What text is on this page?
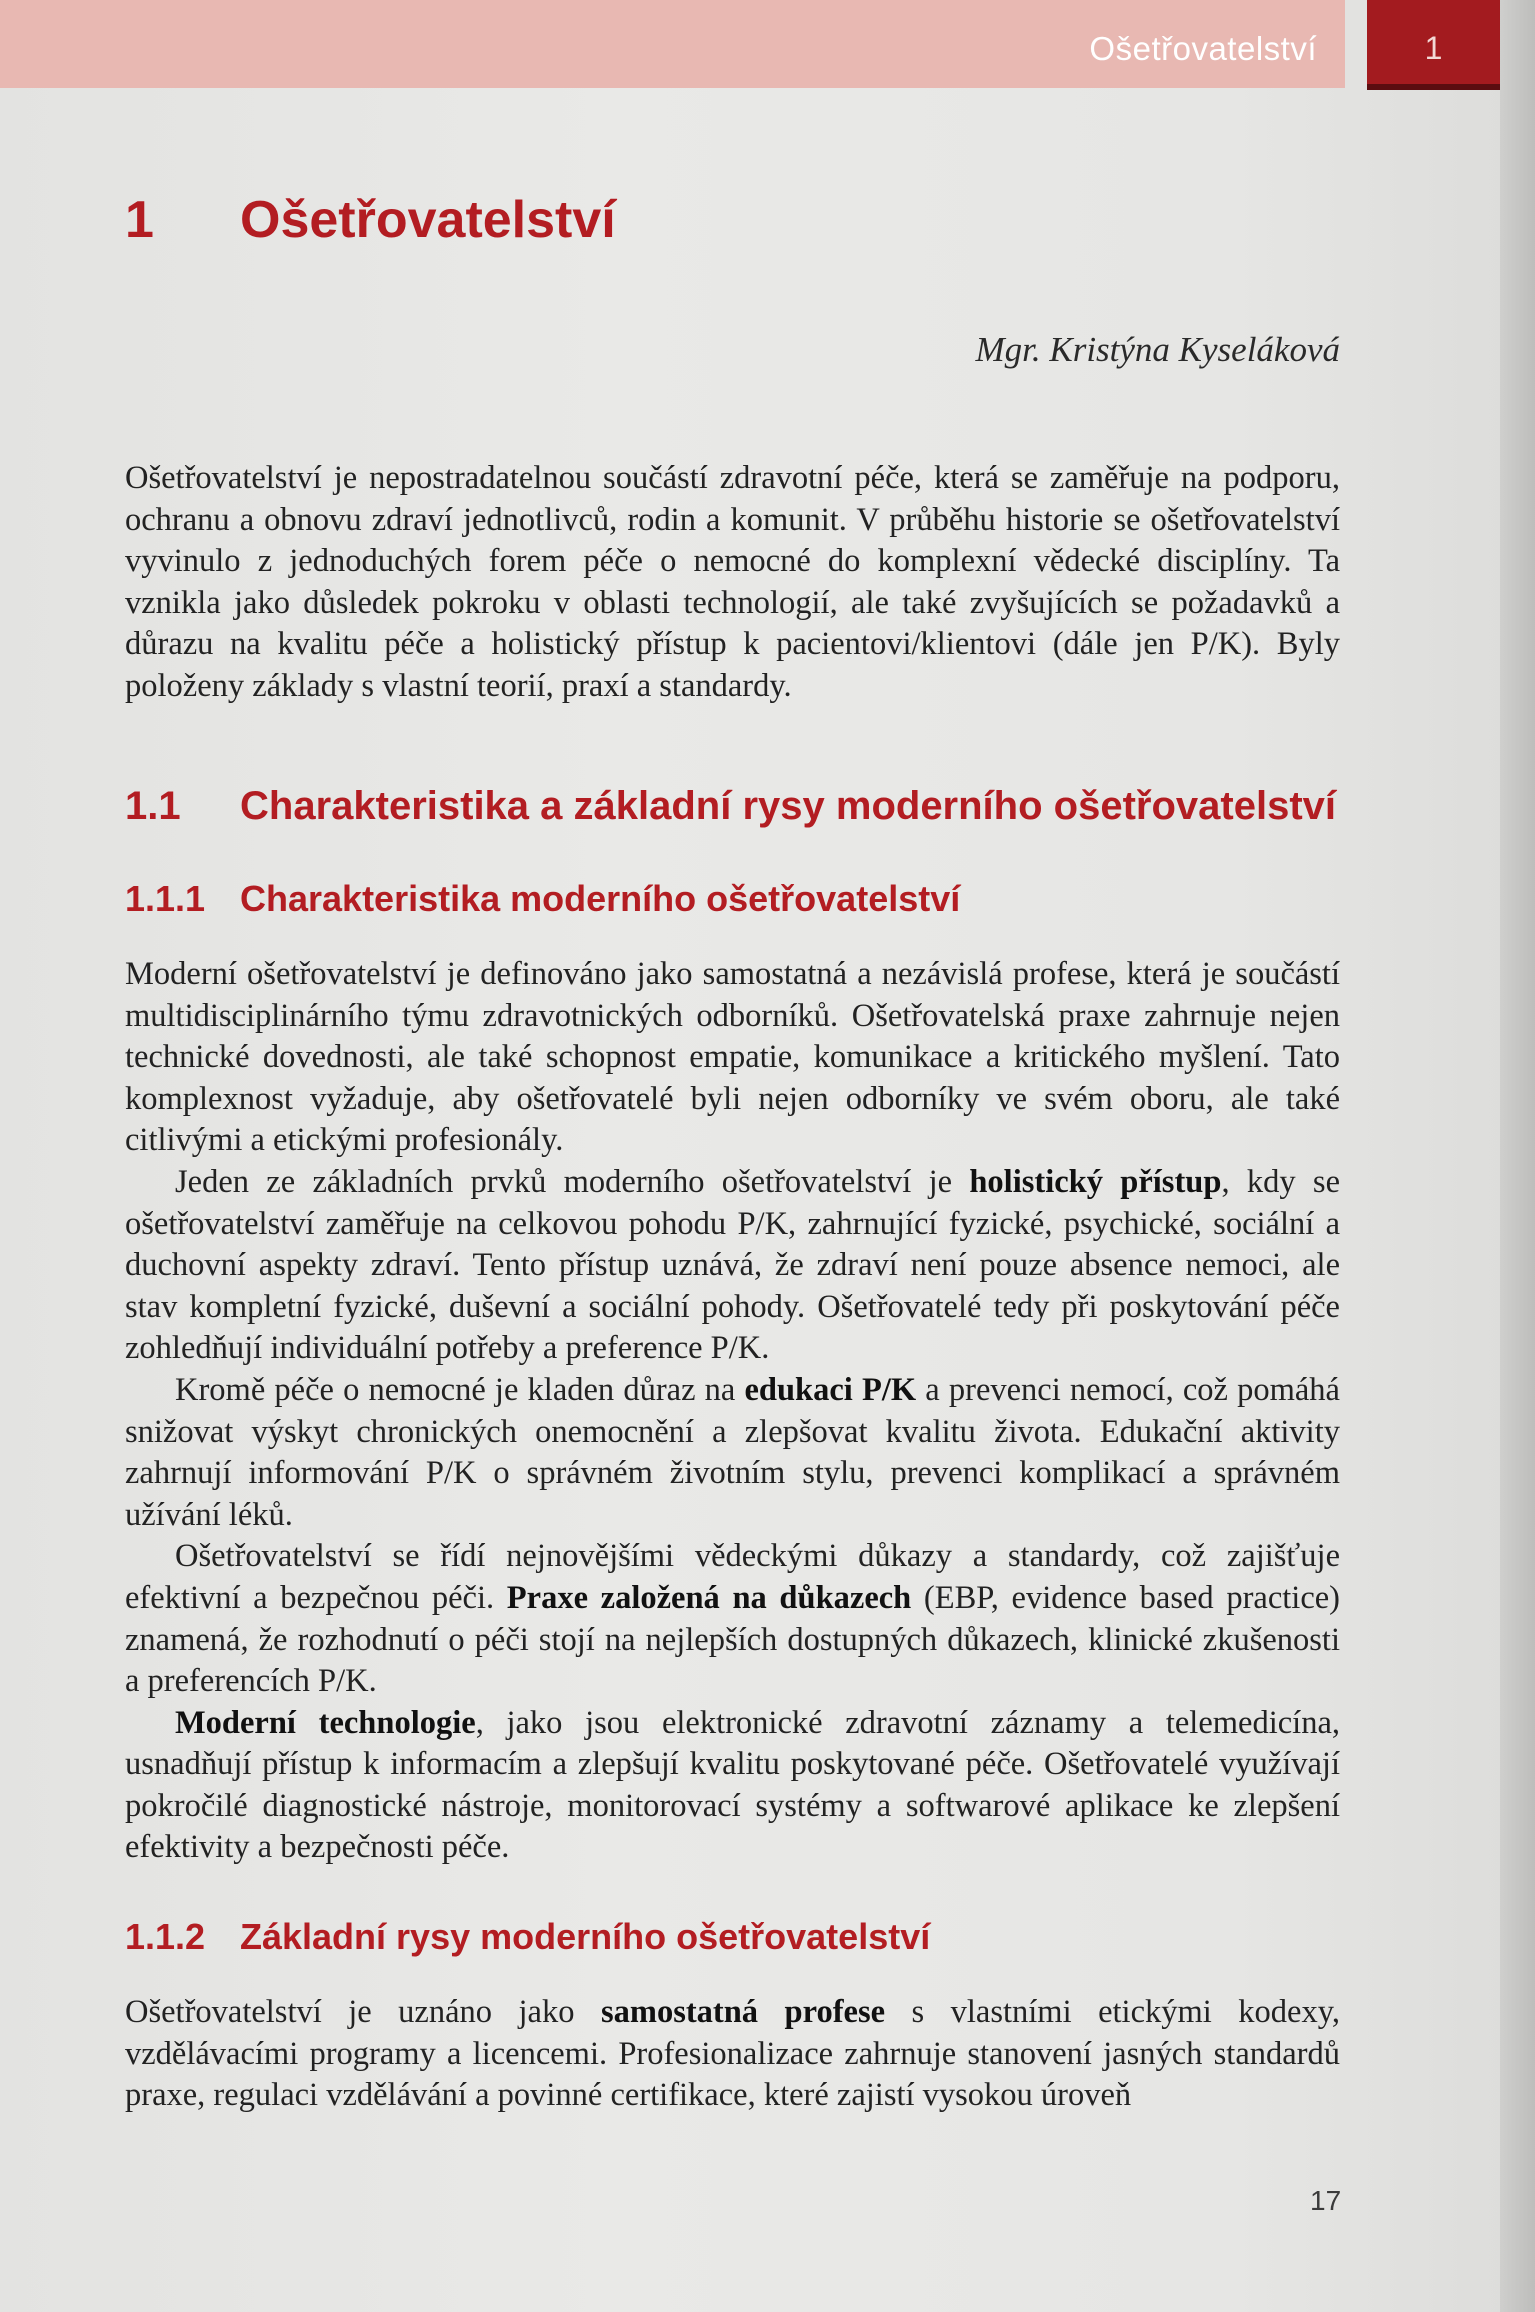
Ošetřovatelství	1
1 Ošetřovatelství
Mgr. Kristýna Kyseláková

Ošetřovatelství je nepostradatelnou součástí zdravotní péče, která se zaměřuje na podporu, ochranu a obnovu zdraví jednotlivců, rodin a komunit. V průběhu historie se ošetřovatelství vyvinulo z jednoduchých forem péče o nemocné do komplexní vědecké disciplíny. Ta vznikla jako důsledek pokroku v oblasti technologií, ale také zvyšujících se požadavků a důrazu na kvalitu péče a holistický přístup k pacientovi/klientovi (dále jen P/K). Byly položeny základy s vlastní teorií, praxí a standardy.

1.1 Charakteristika a základní rysy moderního ošetřovatelství
1.1.1 Charakteristika moderního ošetřovatelství

Moderní ošetřovatelství je definováno jako samostatná a nezávislá profese, která je součástí multidisciplinárního týmu zdravotnických odborníků. Ošetřovatelská praxe zahrnuje nejen technické dovednosti, ale také schopnost empatie, komunikace a kritického myšlení. Tato komplexnost vyžaduje, aby ošetřovatelé byli nejen odborníky ve svém oboru, ale také citlivými a etickými profesionály.

Jeden ze základních prvků moderního ošetřovatelství je holistický přístup, kdy se ošetřovatelství zaměřuje na celkovou pohodu P/K, zahrnující fyzické, psychické, sociální a duchovní aspekty zdraví. Tento přístup uznává, že zdraví není pouze absence nemoci, ale stav kompletní fyzické, duševní a sociální pohody. Ošetřovatelé tedy při poskytování péče zohledňují individuální potřeby a preference P/K.

Kromě péče o nemocné je kladen důraz na edukaci P/K a prevenci nemocí, což pomáhá snižovat výskyt chronických onemocnění a zlepšovat kvalitu života. Edukační aktivity zahrnují informování P/K o správném životním stylu, prevenci komplikací a správném užívání léků.

Ošetřovatelství se řídí nejnovějšími vědeckými důkazy a standardy, což zajišťuje efektivní a bezpečnou péči. Praxe založená na důkazech (EBP, evidence based practice) znamená, že rozhodnutí o péči stojí na nejlepších dostupných důkazech, klinické zkušenosti a preferencích P/K.

Moderní technologie, jako jsou elektronické zdravotní záznamy a telemedicína, usnadňují přístup k informacím a zlepšují kvalitu poskytované péče. Ošetřovatelé využívají pokročilé diagnostické nástroje, monitorovací systémy a softwarové aplikace ke zlepšení efektivity a bezpečnosti péče.

1.1.2 Základní rysy moderního ošetřovatelství

Ošetřovatelství je uznáno jako samostatná profese s vlastními etickými kodexy, vzdělávacími programy a licencemi. Profesionalizace zahrnuje stanovení jasných standardů praxe, regulaci vzdělávání a povinné certifikace, které zajistí vysokou úroveň

17
